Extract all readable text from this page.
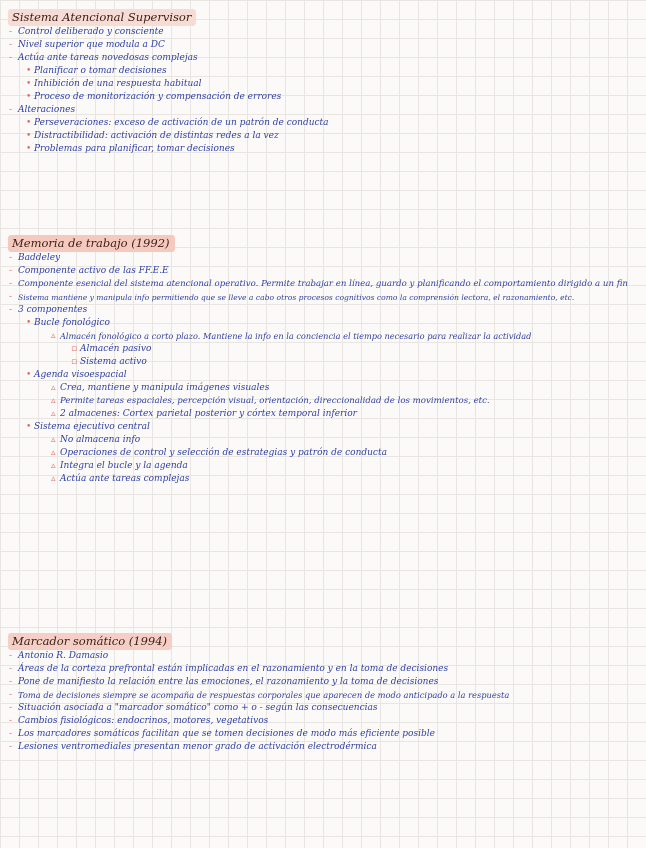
Sistema Atencional Supervisor
- Control deliberado y consciente
- Nivel superior que modula a DC
- Actúa ante tareas novedosas complejas
• Planificar o tomar decisiones
• Inhibición de una respuesta habitual
• Proceso de monitorización y compensación de errores
- Alteraciones
• Perseveraciones: exceso de activación de un patrón de conducta
• Distractibilidad: activación de distintas redes a la vez
• Problemas para planificar, tomar decisiones
Memoria de trabajo (1992)
- Baddeley
- Componente activo de las FF.E.E
- Componente esencial del sistema atencional operativo. Permite trabajar en línea, guardo y planificando el comportamiento dirigido a un fin
- Sistema mantiene y manipula info permitiendo que se lleve a cabo otros procesos cognitivos como la comprensión lectora, el razonamiento, etc.
- 3 componentes
• Bucle fonológico
▵ Almacén fonológico a corto plazo. Mantiene la info en la conciencia el tiempo necesario para realizar la actividad
▫ Almacén pasivo
▫ Sistema activo
• Agenda visoespacial
▵ Crea, mantiene y manipula imágenes visuales
▵ Permite tareas espaciales, percepción visual, orientación, direccionalidad de los movimientos, etc.
▵ 2 almacenes: Cortex parietal posterior y córtex temporal inferior
• Sistema ejecutivo central
▵ No almacena info
▵ Operaciones de control y selección de estrategias y patrón de conducta
▵ Integra el bucle y la agenda
▵ Actúa ante tareas complejas
Marcador somático (1994)
- Antonio R. Damasio
- Áreas de la corteza prefrontal están implicadas en el razonamiento y en la toma de decisiones
- Pone de manifiesto la relación entre las emociones, el razonamiento y la toma de decisiones
- Toma de decisiones siempre se acompaña de respuestas corporales que aparecen de modo anticipado a la respuesta
- Situación asociada a "marcador somático" como + o - según las consecuencias
- Cambios fisiológicos: endocrinos, motores, vegetativos
- Los marcadores somáticos facilitan que se tomen decisiones de modo más eficiente posible
- Lesiones ventromediales presentan menor grado de activación electrodérmica
